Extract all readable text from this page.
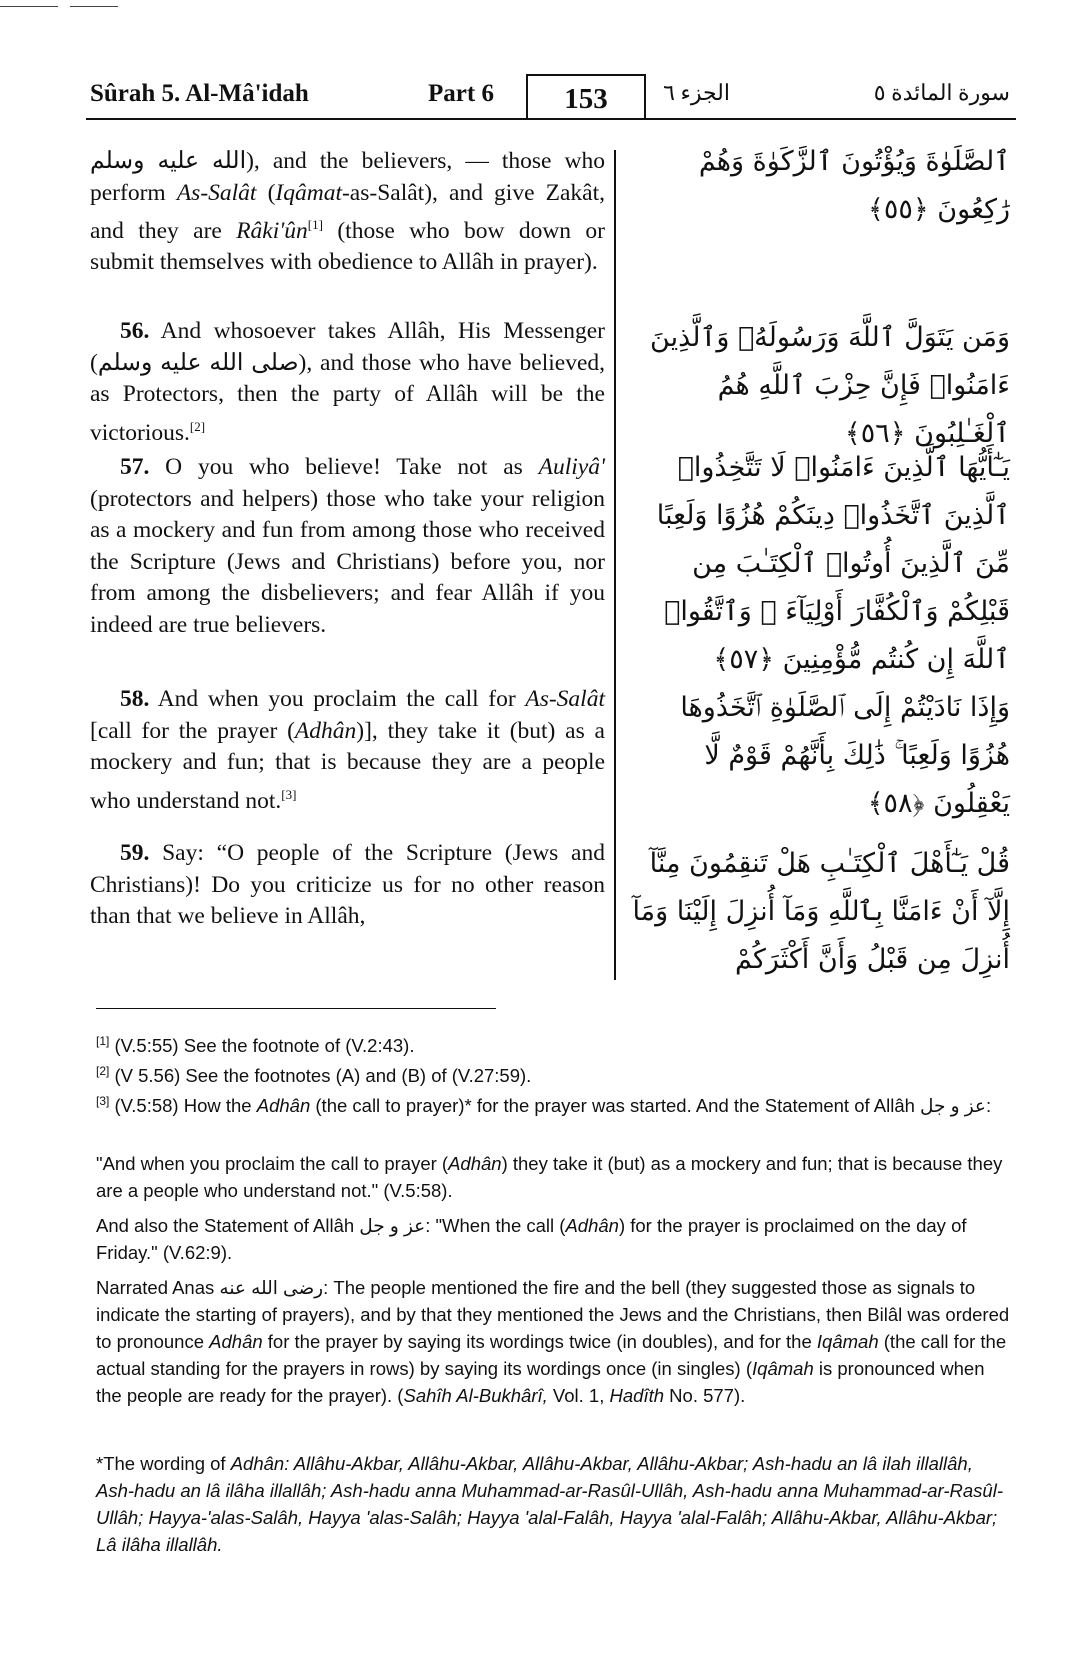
Sûrah 5. Al-Mâ'idah	Part 6	153	الجزء ٦	سورة المائدة ٥
الله عليه وسلم), and the believers, — those who perform As-Salât (Iqâmat-as-Salât), and give Zakât, and they are Râki'ûn[1] (those who bow down or submit themselves with obedience to Allâh in prayer).
ٱلصَّلَوٰةَ وَيُؤْتُونَ ٱلزَّكَوٰةَ وَهُمْ رَٰكِعُونَ ﴿٥٥﴾
56. And whosoever takes Allâh, His Messenger (صلى الله عليه وسلم), and those who have believed, as Protectors, then the party of Allâh will be the victorious.[2]
وَمَن يَتَوَلَّ ٱللَّهَ وَرَسُولَهُۥ وَٱلَّذِينَ ءَامَنُوا۟ فَإِنَّ حِزْبَ ٱللَّهِ هُمُ ٱلْغَـٰلِبُونَ ﴿٥٦﴾
57. O you who believe! Take not as Auliyâ' (protectors and helpers) those who take your religion as a mockery and fun from among those who received the Scripture (Jews and Christians) before you, nor from among the disbelievers; and fear Allâh if you indeed are true believers.
يَـٰٓأَيُّهَا ٱلَّذِينَ ءَامَنُوا۟ لَا تَتَّخِذُوا۟ ٱلَّذِينَ ٱتَّخَذُوا۟ دِينَكُمْ هُزُوًا وَلَعِبًا مِّنَ ٱلَّذِينَ أُوتُوا۟ ٱلْكِتَـٰبَ مِن قَبْلِكُمْ وَٱلْكُفَّارَ أَوْلِيَآءَ ۚ وَٱتَّقُوا۟ ٱللَّهَ إِن كُنتُم مُّؤْمِنِينَ ﴿٥٧﴾
58. And when you proclaim the call for As-Salât [call for the prayer (Adhân)], they take it (but) as a mockery and fun; that is because they are a people who understand not.[3]
وَإِذَا نَادَيْتُمْ إِلَى ٱلصَّلَوٰةِ ٱتَّخَذُوهَا هُزُوًا وَلَعِبًا ۚ ذَٰلِكَ بِأَنَّهُمْ قَوْمٌ لَّا يَعْقِلُونَ ﴿٥٨﴾
59. Say: “O people of the Scripture (Jews and Christians)! Do you criticize us for no other reason than that we believe in Allâh,
قُلْ يَـٰٓأَهْلَ ٱلْكِتَـٰبِ هَلْ تَنقِمُونَ مِنَّآ إِلَّآ أَنْ ءَامَنَّا بِٱللَّهِ وَمَآ أُنزِلَ إِلَيْنَا وَمَآ أُنزِلَ مِن قَبْلُ وَأَنَّ أَكْثَرَكُمْ
[1] (V.5:55) See the footnote of (V.2:43).
[2] (V 5.56) See the footnotes (A) and (B) of (V.27:59).
[3] (V.5:58) How the Adhân (the call to prayer)* for the prayer was started. And the Statement of Allâh عز و جل:
"And when you proclaim the call to prayer (Adhân) they take it (but) as a mockery and fun; that is because they are a people who understand not." (V.5:58).
And also the Statement of Allâh عز و جل: "When the call (Adhân) for the prayer is proclaimed on the day of Friday." (V.62:9).
Narrated Anas رضى الله عنه: The people mentioned the fire and the bell (they suggested those as signals to indicate the starting of prayers), and by that they mentioned the Jews and the Christians, then Bilâl was ordered to pronounce Adhân for the prayer by saying its wordings twice (in doubles), and for the Iqâmah (the call for the actual standing for the prayers in rows) by saying its wordings once (in singles) (Iqâmah is pronounced when the people are ready for the prayer). (Sahîh Al-Bukhârî, Vol. 1, Hadîth No. 577).
*The wording of Adhân: Allâhu-Akbar, Allâhu-Akbar, Allâhu-Akbar, Allâhu-Akbar; Ash-hadu an lâ ilah illallâh, Ash-hadu an lâ ilâha illallâh; Ash-hadu anna Muhammad-ar-Rasûl-Ullâh, Ash-hadu anna Muhammad-ar-Rasûl-Ullâh; Hayya-'alas-Salâh, Hayya 'alas-Salâh; Hayya 'alal-Falâh, Hayya 'alal-Falâh; Allâhu-Akbar, Allâhu-Akbar; Lâ ilâha illallâh.
